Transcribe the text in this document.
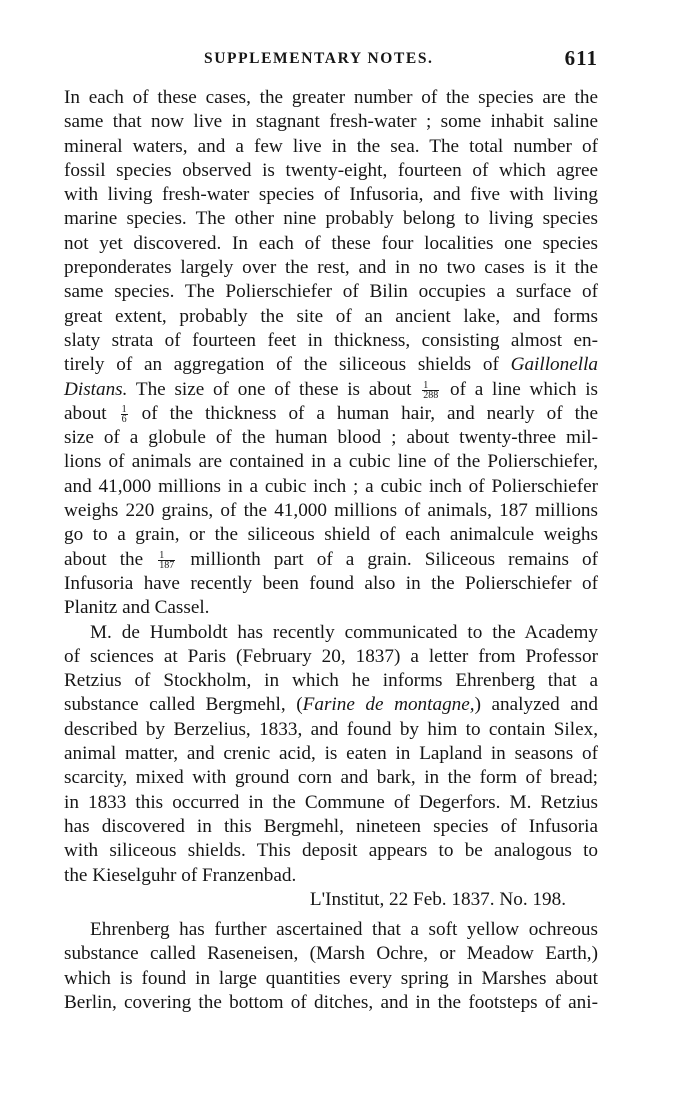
SUPPLEMENTARY NOTES.	611
In each of these cases, the greater number of the species are the
same that now live in stagnant fresh-water ; some inhabit saline
mineral waters, and a few live in the sea. The total number of
fossil species observed is twenty-eight, fourteen of which agree
with living fresh-water species of Infusoria, and five with living
marine species. The other nine probably belong to living species
not yet discovered. In each of these four localities one species
preponderates largely over the rest, and in no two cases is it the
same species. The Polierschiefer of Bilin occupies a surface of
great extent, probably the site of an ancient lake, and forms
slaty strata of fourteen feet in thickness, consisting almost en-
tirely of an aggregation of the siliceous shields of Gaillonella
Distans. The size of one of these is about $\frac{1}{288}$ of a line which is
about $\frac{1}{6}$ of the thickness of a human hair, and nearly of the
size of a globule of the human blood ; about twenty-three mil-
lions of animals are contained in a cubic line of the Polierschiefer,
and 41,000 millions in a cubic inch ; a cubic inch of Polierschiefer
weighs 220 grains, of the 41,000 millions of animals, 187 millions
go to a grain, or the siliceous shield of each animalcule weighs
about the $\frac{1}{187}$ millionth part of a grain. Siliceous remains of
Infusoria have recently been found also in the Polierschiefer of
Planitz and Cassel.
M. de Humboldt has recently communicated to the Academy
of sciences at Paris (February 20, 1837) a letter from Professor
Retzius of Stockholm, in which he informs Ehrenberg that a
substance called Bergmehl, (Farine de montagne,) analyzed and
described by Berzelius, 1833, and found by him to contain Silex,
animal matter, and crenic acid, is eaten in Lapland in seasons of
scarcity, mixed with ground corn and bark, in the form of bread;
in 1833 this occurred in the Commune of Degerfors. M. Retzius
has discovered in this Bergmehl, nineteen species of Infusoria
with siliceous shields. This deposit appears to be analogous to
the Kieselguhr of Franzenbad.
L'Institut, 22 Feb. 1837. No. 198.
Ehrenberg has further ascertained that a soft yellow ochreous
substance called Raseneisen, (Marsh Ochre, or Meadow Earth,)
which is found in large quantities every spring in Marshes about
Berlin, covering the bottom of ditches, and in the footsteps of ani-
